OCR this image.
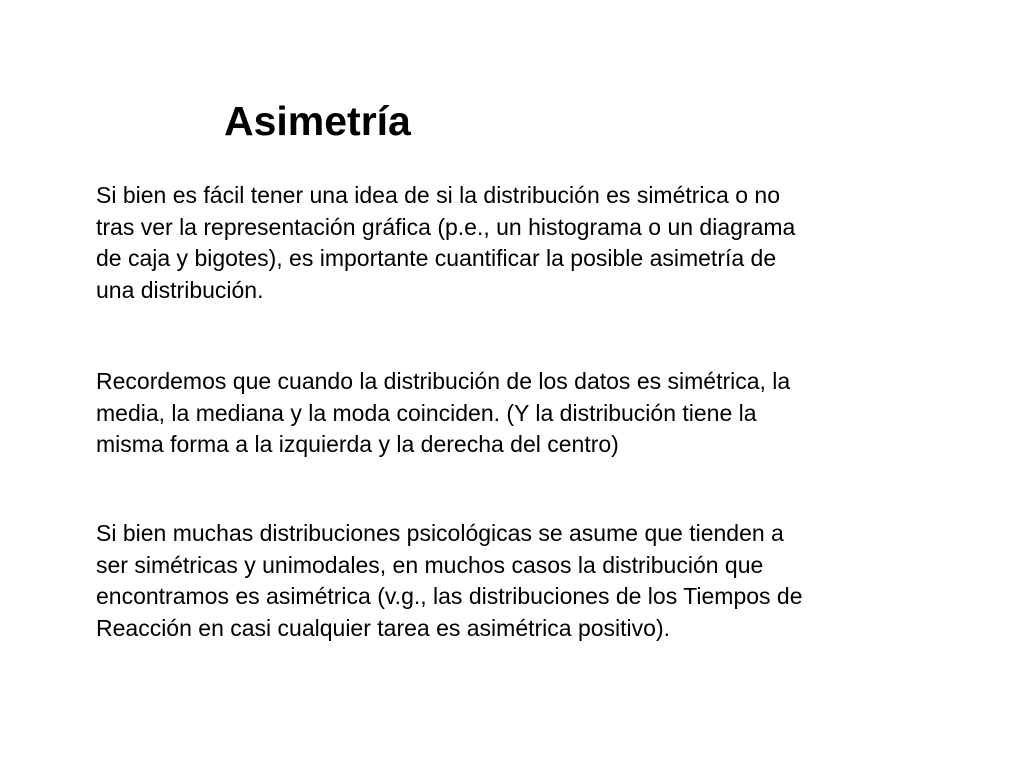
Asimetría

Si bien es fácil tener una idea de si la distribución es simétrica o no
tras ver la representación gráfica (p.e., un histograma o un diagrama
de caja y bigotes), es importante cuantificar la posible asimetría de
una distribución.

Recordemos que cuando la distribución de los datos es simétrica, la
media, la mediana y la moda coinciden. (Y la distribución tiene la
misma forma a la izquierda y la derecha del centro)

Si bien muchas distribuciones psicológicas se asume que tienden a
ser simétricas y unimodales, en muchos casos la distribución que
encontramos es asimétrica (v.g., las distribuciones de los Tiempos de
Reacción en casi cualquier tarea es asimétrica positivo).
